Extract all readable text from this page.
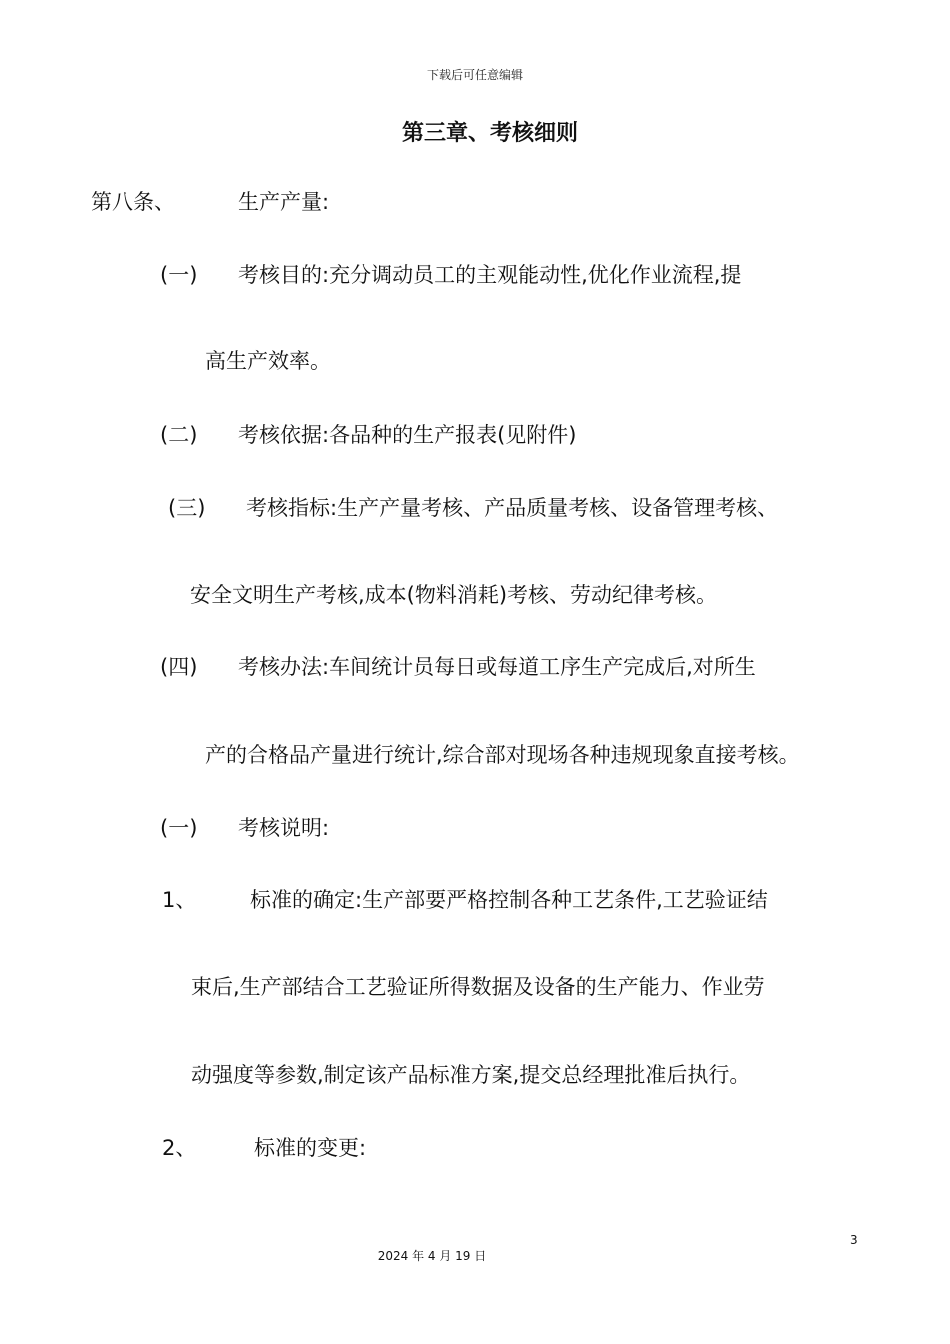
下载后可任意编辑
第三章、考核细则
第八条、	生产产量:
(一) 考核目的:充分调动员工的主观能动性,优化作业流程,提
高生产效率。
(二) 考核依据:各品种的生产报表(见附件)
(三) 考核指标:生产产量考核、产品质量考核、设备管理考核、
安全文明生产考核,成本(物料消耗)考核、劳动纪律考核。
(四) 考核办法:车间统计员每日或每道工序生产完成后,对所生
产的合格品产量进行统计,综合部对现场各种违规现象直接考核。
(一) 考核说明:
1、	标准的确定:生产部要严格控制各种工艺条件,工艺验证结
束后,生产部结合工艺验证所得数据及设备的生产能力、作业劳
动强度等参数,制定该产品标准方案,提交总经理批准后执行。
2、	标准的变更:
3
2024 年 4 月 19 日
